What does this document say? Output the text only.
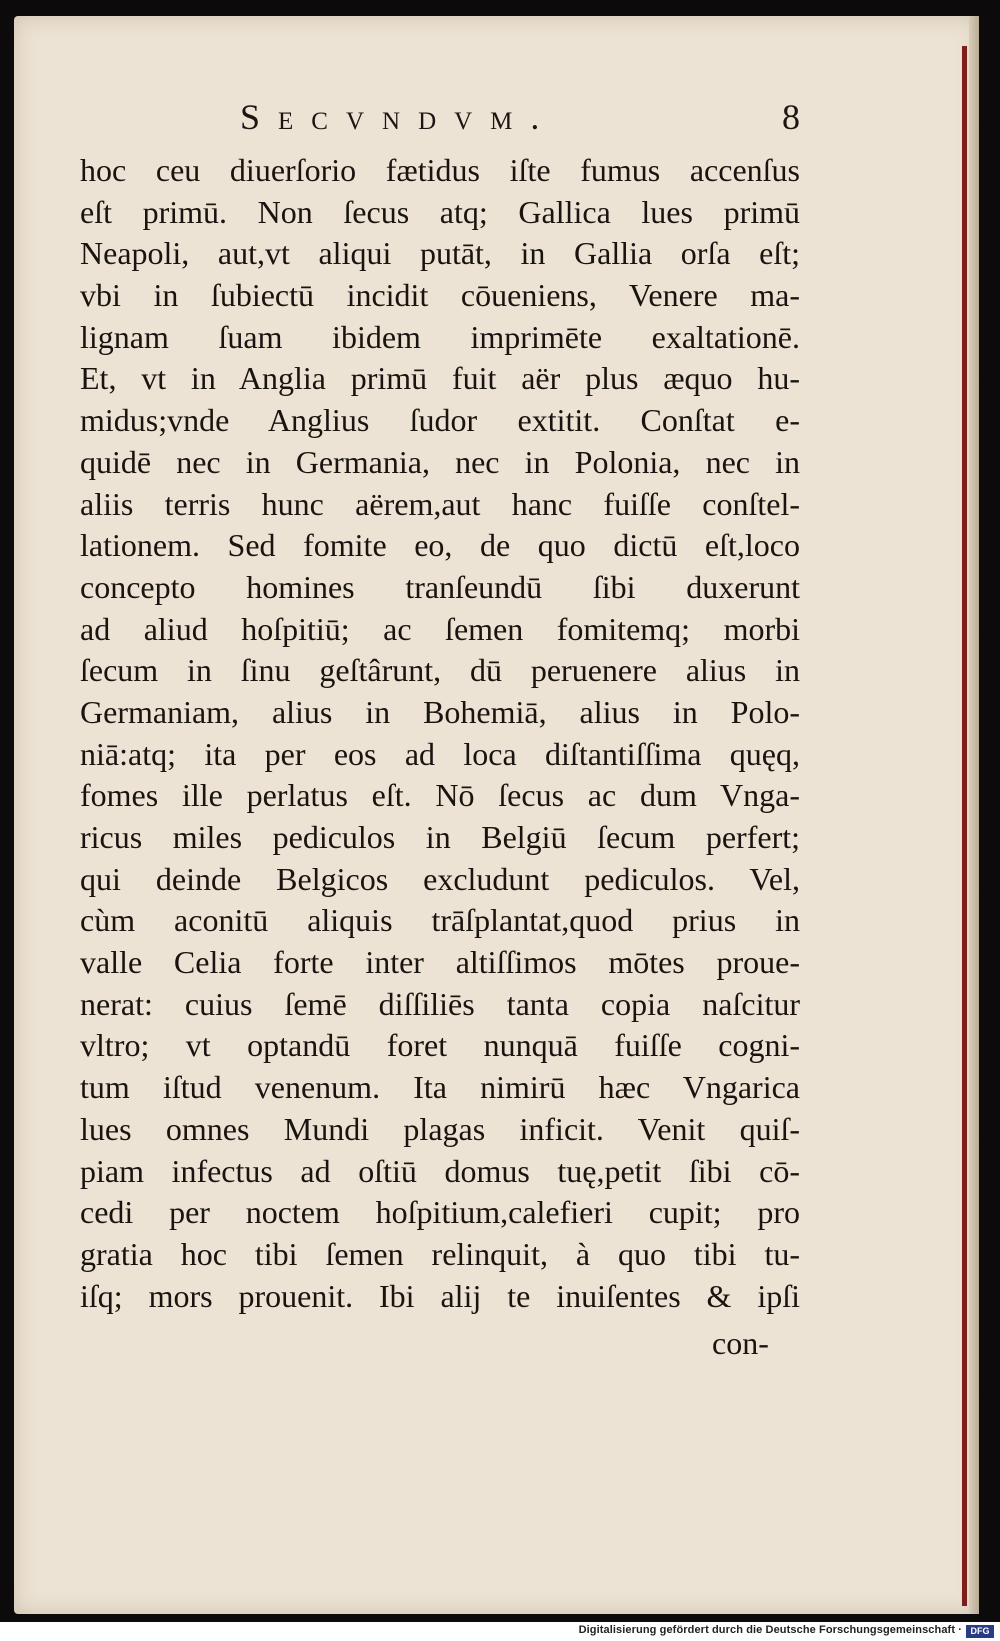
Secvndvm.	8
hoc ceu diuerſorio fætidus iſte fumus accenſus
eſt primū. Non ſecus atq; Gallica lues primū
Neapoli, aut,vt aliqui putāt, in Gallia orſa eſt;
vbi in ſubiectū incidit cōueniens, Venere ma-
lignam ſuam ibidem imprimēte exaltationē.
Et, vt in Anglia primū fuit aër plus æquo hu-
midus;vnde Anglius ſudor extitit. Conſtat e-
quidē nec in Germania, nec in Polonia, nec in
aliis terris hunc aërem,aut hanc fuiſſe conſtel-
lationem. Sed fomite eo, de quo dictū eſt,loco
concepto homines tranſeundū ſibi duxerunt
ad aliud hoſpitiū; ac ſemen fomitemq; morbi
ſecum in ſinu geſtârunt, dū peruenere alius in
Germaniam, alius in Bohemiā, alius in Polo-
niā:atq; ita per eos ad loca diſtantiſſima quęq,
fomes ille perlatus eſt. Nō ſecus ac dum Vnga-
ricus miles pediculos in Belgiū ſecum perfert;
qui deinde Belgicos excludunt pediculos. Vel,
cùm aconitū aliquis trāſplantat,quod prius in
valle Celia forte inter altiſſimos mōtes proue-
nerat: cuius ſemē diſſiliēs tanta copia naſcitur
vltro; vt optandū foret nunquā fuiſſe cogni-
tum iſtud venenum. Ita nimirū hæc Vngarica
lues omnes Mundi plagas inficit. Venit quiſ-
piam infectus ad oſtiū domus tuę,petit ſibi cō-
cedi per noctem hoſpitium,calefieri cupit; pro
gratia hoc tibi ſemen relinquit, à quo tibi tu-
iſq; mors prouenit. Ibi alij te inuiſentes & ipſi
con-
Digitalisierung gefördert durch die Deutsche Forschungsgemeinschaft · DFG
